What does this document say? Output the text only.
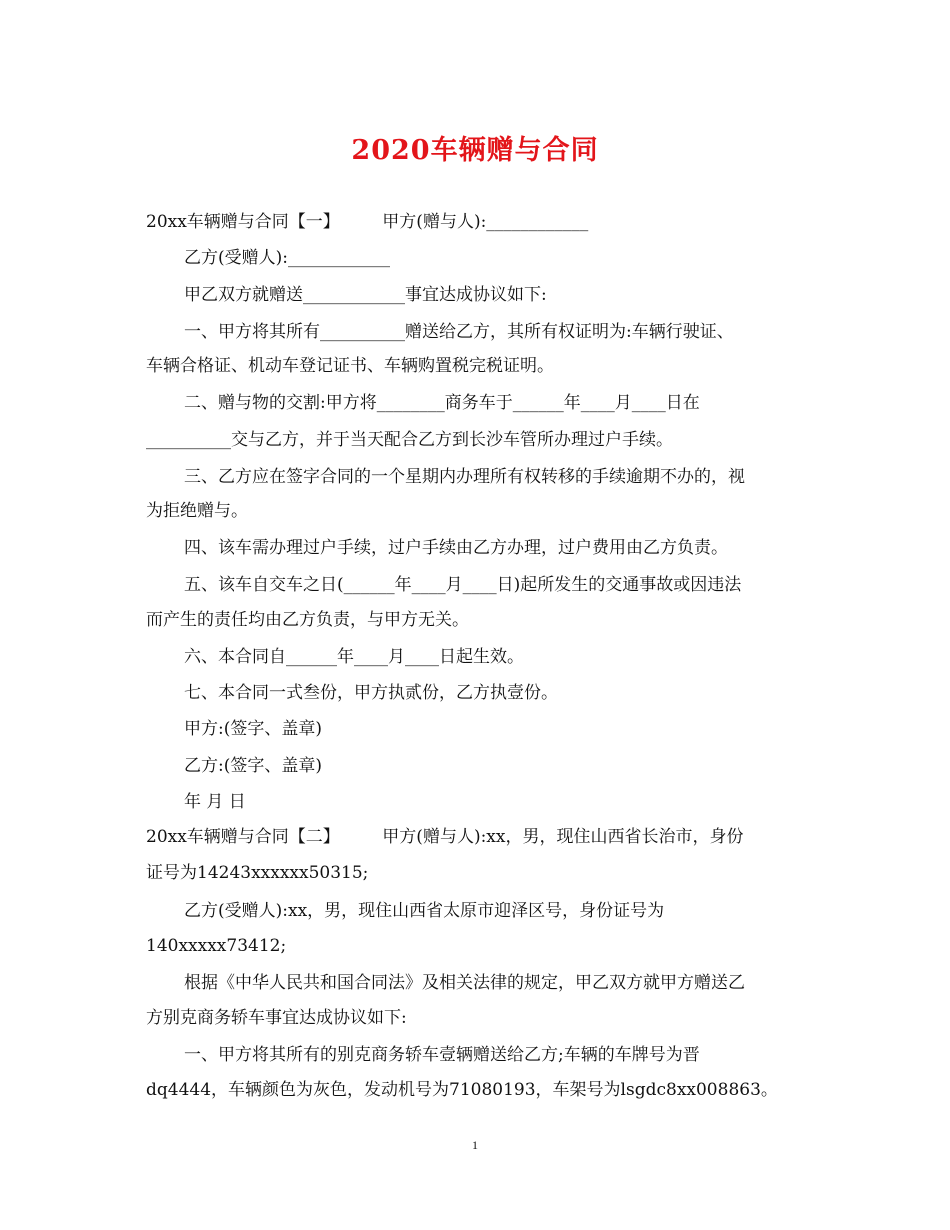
2020车辆赠与合同
20xx车辆赠与合同【一】　　　甲方(赠与人):____________
乙方(受赠人):____________
甲乙双方就赠送____________事宜达成协议如下:
一、甲方将其所有__________赠送给乙方，其所有权证明为:车辆行驶证、
车辆合格证、机动车登记证书、车辆购置税完税证明。
二、赠与物的交割:甲方将________商务车于______年____月____日在
__________交与乙方，并于当天配合乙方到长沙车管所办理过户手续。
三、乙方应在签字合同的一个星期内办理所有权转移的手续逾期不办的，视
为拒绝赠与。
四、该车需办理过户手续，过户手续由乙方办理，过户费用由乙方负责。
五、该车自交车之日(______年____月____日)起所发生的交通事故或因违法
而产生的责任均由乙方负责，与甲方无关。
六、本合同自______年____月____日起生效。
七、本合同一式叁份，甲方执贰份，乙方执壹份。
甲方:(签字、盖章)
乙方:(签字、盖章)
年 月 日
20xx车辆赠与合同【二】　　　甲方(赠与人):xx，男，现住山西省长治市，身份
证号为14243xxxxxx50315;
乙方(受赠人):xx，男，现住山西省太原市迎泽区号，身份证号为
140xxxxx73412;
根据《中华人民共和国合同法》及相关法律的规定，甲乙双方就甲方赠送乙
方别克商务轿车事宜达成协议如下:
一、甲方将其所有的别克商务轿车壹辆赠送给乙方;车辆的车牌号为晋
dq4444，车辆颜色为灰色，发动机号为71080193，车架号为lsgdc8xx008863。
1
